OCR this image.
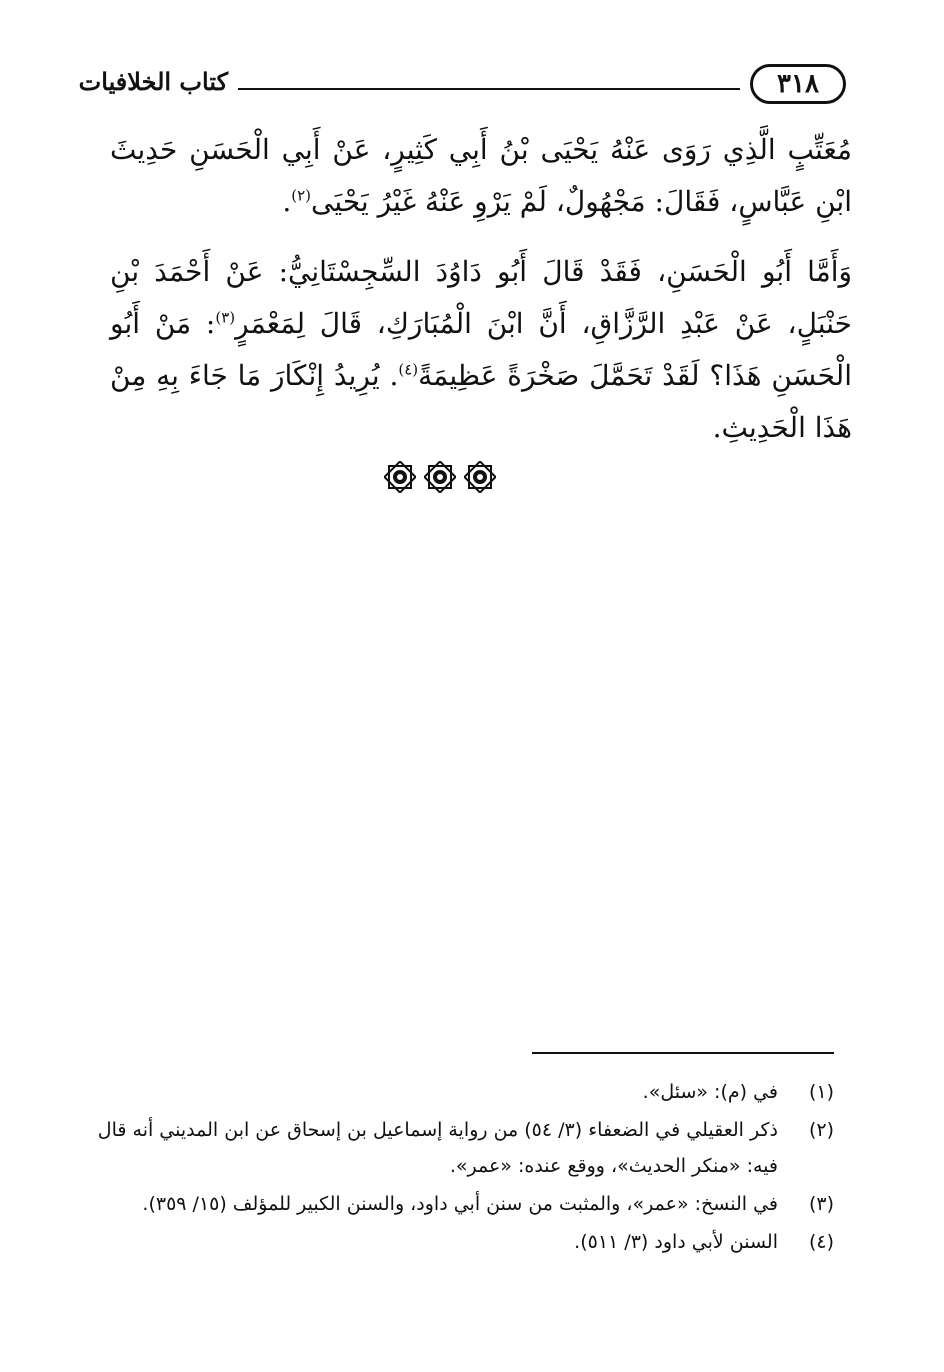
٣١٨
كتاب الخلافيات

مُعَتِّبٍ الَّذِي رَوَى عَنْهُ يَحْيَى بْنُ أَبِي كَثِيرٍ، عَنْ أَبِي الْحَسَنِ حَدِيثَ ابْنِ عَبَّاسٍ، فَقَالَ: مَجْهُولٌ، لَمْ يَرْوِ عَنْهُ غَيْرُ يَحْيَى$^{(٢)}$.

وَأَمَّا أَبُو الْحَسَنِ، فَقَدْ قَالَ أَبُو دَاوُدَ السِّجِسْتَانِيُّ: عَنْ أَحْمَدَ بْنِ حَنْبَلٍ، عَنْ عَبْدِ الرَّزَّاقِ، أَنَّ ابْنَ الْمُبَارَكِ، قَالَ لِمَعْمَرٍ$^{(٣)}$: مَنْ أَبُو الْحَسَنِ هَذَا؟ لَقَدْ تَحَمَّلَ صَخْرَةً عَظِيمَةً$^{(٤)}$. يُرِيدُ إِنْكَارَ مَا جَاءَ بِهِ مِنْ هَذَا الْحَدِيثِ.

(١)
في (م): «سئل».
(٢)
ذكر العقيلي في الضعفاء (٣/ ٥٤) من رواية إسماعيل بن إسحاق عن ابن المديني أنه قال فيه: «منكر الحديث»، ووقع عنده: «عمر».
(٣)
في النسخ: «عمر»، والمثبت من سنن أبي داود، والسنن الكبير للمؤلف (١٥/ ٣٥٩).
(٤)
السنن لأبي داود (٣/ ٥١١).
